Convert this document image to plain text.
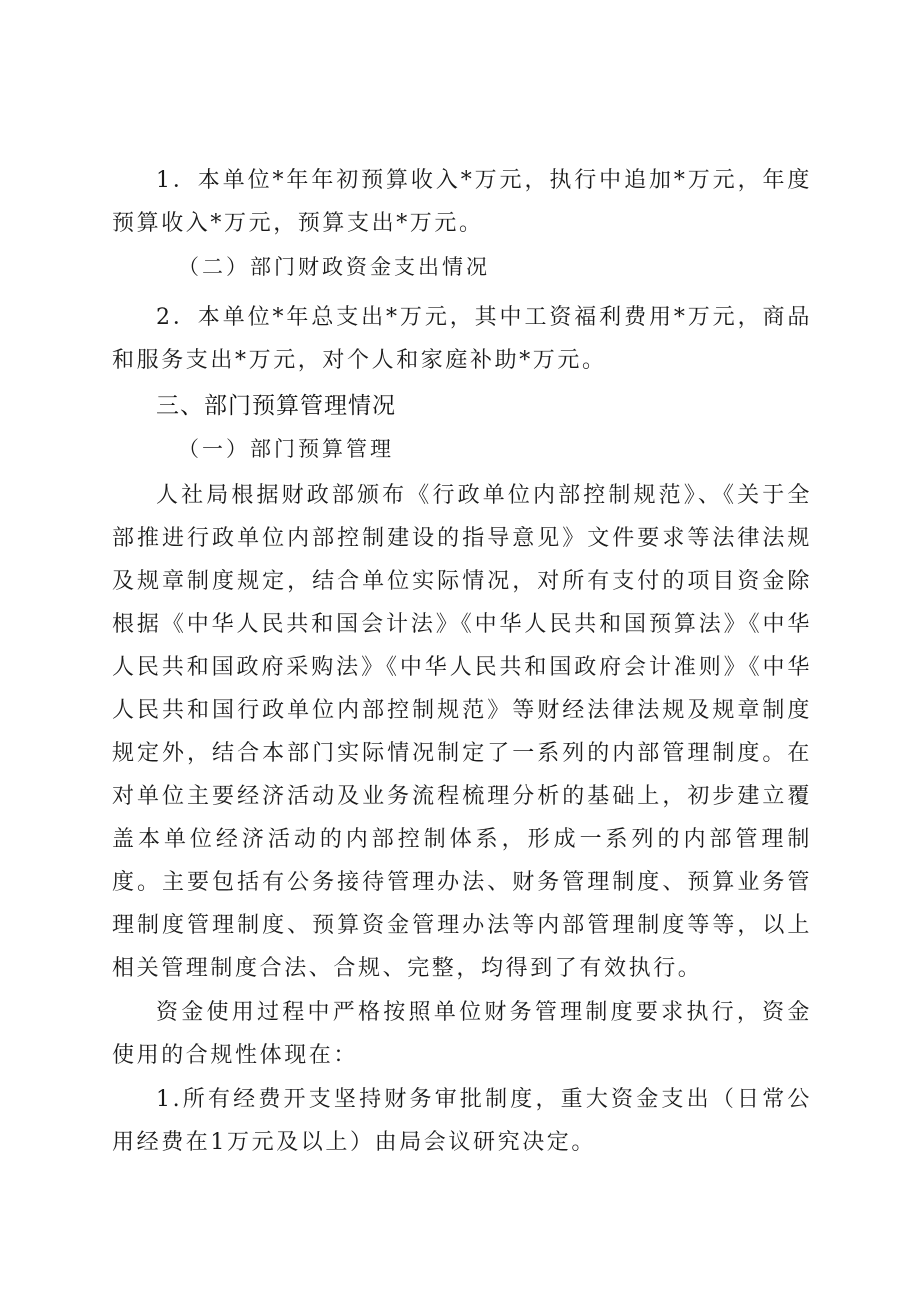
1．本单位*年年初预算收入*万元，执行中追加*万元，年度预算收入*万元，预算支出*万元。

（二）部门财政资金支出情况

2．本单位*年总支出*万元，其中工资福利费用*万元，商品和服务支出*万元，对个人和家庭补助*万元。

三、部门预算管理情况

（一）部门预算管理

人社局根据财政部颁布《行政单位内部控制规范》、《关于全部推进行政单位内部控制建设的指导意见》文件要求等法律法规及规章制度规定，结合单位实际情况，对所有支付的项目资金除根据《中华人民共和国会计法》《中华人民共和国预算法》《中华人民共和国政府采购法》《中华人民共和国政府会计准则》《中华人民共和国行政单位内部控制规范》等财经法律法规及规章制度规定外，结合本部门实际情况制定了一系列的内部管理制度。在对单位主要经济活动及业务流程梳理分析的基础上，初步建立覆盖本单位经济活动的内部控制体系，形成一系列的内部管理制度。主要包括有公务接待管理办法、财务管理制度、预算业务管理制度管理制度、预算资金管理办法等内部管理制度等等，以上相关管理制度合法、合规、完整，均得到了有效执行。

资金使用过程中严格按照单位财务管理制度要求执行，资金使用的合规性体现在：

1.所有经费开支坚持财务审批制度，重大资金支出（日常公用经费在1万元及以上）由局会议研究决定。
